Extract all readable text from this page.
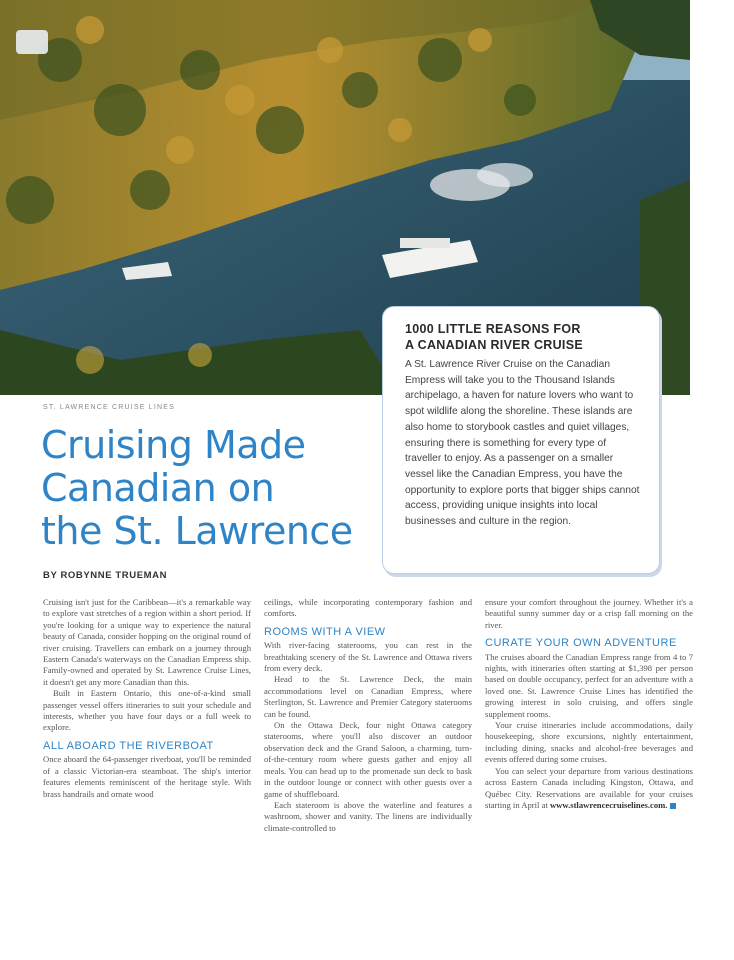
ST. LAWRENCE CRUISE LINES
Cruising Made
Canadian on
the St. Lawrence
BY ROBYNNE TRUEMAN
1000 LITTLE REASONS FOR
A CANADIAN RIVER CRUISE

A St. Lawrence River Cruise on the Canadian Empress will take you to the Thousand Islands archipelago, a haven for nature lovers who want to spot wildlife along the shoreline. These islands are also home to storybook castles and quiet villages, ensuring there is something for every type of traveller to enjoy. As a passenger on a smaller vessel like the Canadian Empress, you have the opportunity to explore ports that bigger ships cannot access, providing unique insights into local businesses and culture in the region.

Cruising isn't just for the Caribbean—it's a remarkable way to explore vast stretches of a region within a short period. If you're looking for a unique way to experience the natural beauty of Canada, consider hopping on the original round of river cruising. Travellers can embark on a journey through Eastern Canada's waterways on the Canadian Empress ship. Family-owned and operated by St. Lawrence Cruise Lines, it doesn't get any more Canadian than this.

Built in Eastern Ontario, this one-of-a-kind small passenger vessel offers itineraries to suit your schedule and interests, whether you have four days or a full week to explore.

ALL ABOARD THE RIVERBOAT

Once aboard the 64-passenger riverboat, you'll be reminded of a classic Victorian-era steamboat. The ship's interior features elements reminiscent of the heritage style. With brass handrails and ornate wood

ceilings, while incorporating contemporary fashion and comforts.

ROOMS WITH A VIEW

With river-facing staterooms, you can rest in the breathtaking scenery of the St. Lawrence and Ottawa rivers from every deck.

Head to the St. Lawrence Deck, the main accommodations level on Canadian Empress, where Sterlington, St. Lawrence and Premier Category staterooms can be found.

On the Ottawa Deck, four night Ottawa category staterooms, where you'll also discover an outdoor observation deck and the Grand Saloon, a charming, turn-of-the-century room where guests gather and enjoy all meals. You can head up to the promenade sun deck to bask in the outdoor lounge or connect with other guests over a game of shuffleboard.

Each stateroom is above the waterline and features a washroom, shower and vanity. The linens are individually climate-controlled to

ensure your comfort throughout the journey. Whether it's a beautiful sunny summer day or a crisp fall morning on the river.

CURATE YOUR OWN ADVENTURE

The cruises aboard the Canadian Empress range from 4 to 7 nights, with itineraries often starting at $1,398 per person based on double occupancy, perfect for an adventure with a loved one. St. Lawrence Cruise Lines has identified the growing interest in solo cruising, and offers single supplement rooms.

Your cruise itineraries include accommodations, daily housekeeping, shore excursions, nightly entertainment, including dining, snacks and alcohol-free beverages and events offered during some cruises.

You can select your departure from various destinations across Eastern Canada including Kingston, Ottawa, and Québec City. Reservations are available for your cruises starting in April at www.stlawrencecruiselines.com.
